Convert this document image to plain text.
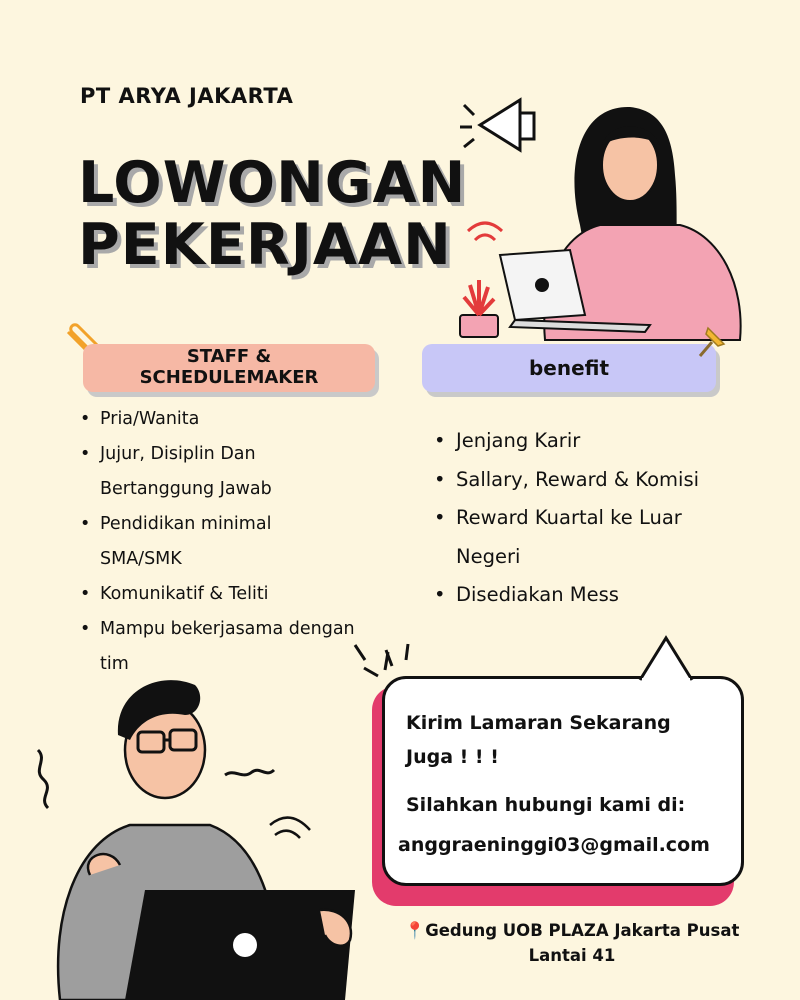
PT ARYA JAKARTA
LOWONGAN
PEKERJAAN
STAFF &
SCHEDULEMAKER	benefit
• Pria/Wanita
• Jujur, Disiplin Dan
Bertanggung Jawab
• Pendidikan minimal
SMA/SMK
• Komunikatif & Teliti
• Mampu bekerjasama dengan
tim
• Jenjang Karir
• Sallary, Reward & Komisi
• Reward Kuartal ke Luar
Negeri
• Disediakan Mess
Kirim Lamaran Sekarang
Juga ! ! !
Silahkan hubungi kami di:
anggraeninggi03@gmail.com
📍Gedung UOB PLAZA Jakarta Pusat
Lantai 41
